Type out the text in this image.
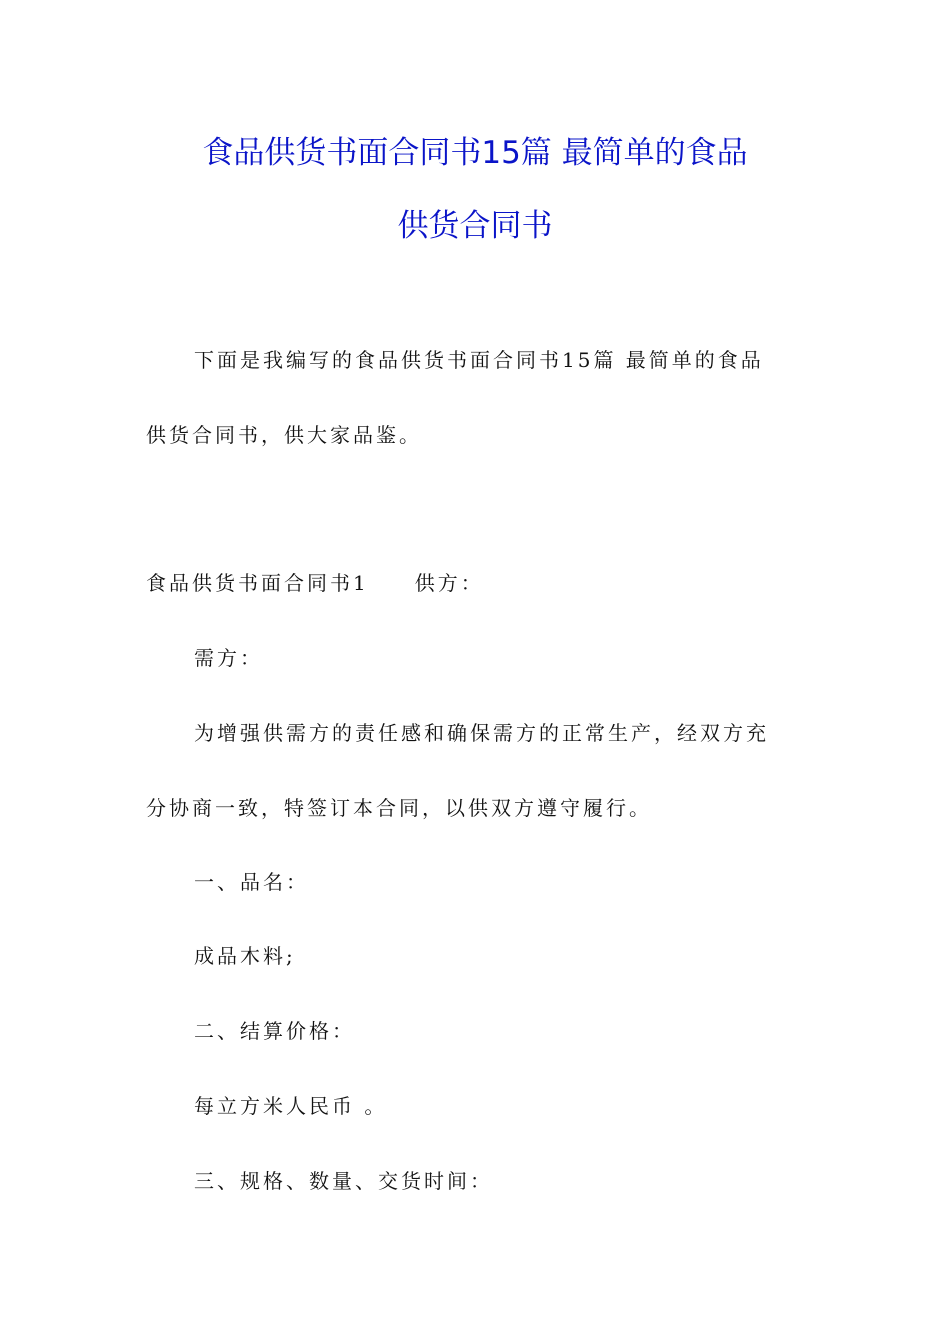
食品供货书面合同书15篇 最简单的食品
供货合同书
下面是我编写的食品供货书面合同书15篇 最简单的食品
供货合同书，供大家品鉴。
食品供货书面合同书1　　供方：
需方：
为增强供需方的责任感和确保需方的正常生产，经双方充
分协商一致，特签订本合同，以供双方遵守履行。
一、品名：
成品木料;
二、结算价格：
每立方米人民币 。
三、规格、数量、交货时间：
